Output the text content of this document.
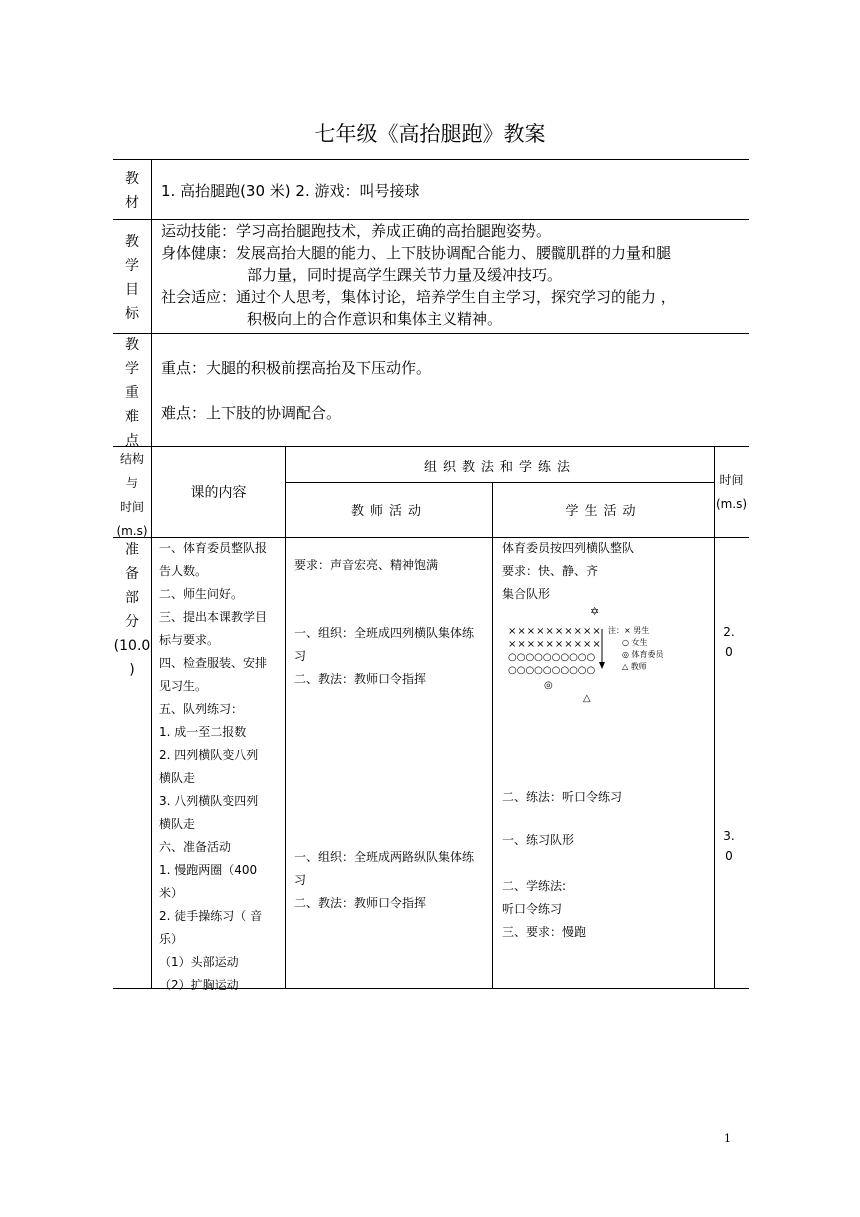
七年级《高抬腿跑》教案
教
材
1. 高抬腿跑(30 米) 2. 游戏：叫号接球
教
学
目
标
运动技能：学习高抬腿跑技术，养成正确的高抬腿跑姿势。
身体健康：发展高抬大腿的能力、上下肢协调配合能力、腰髋肌群的力量和腿
部力量，同时提高学生踝关节力量及缓冲技巧。
社会适应：通过个人思考，集体讨论，培养学生自主学习，探究学习的能力 ，
积极向上的合作意识和集体主义精神。
教
学
重
难
点
重点：大腿的积极前摆高抬及下压动作。
难点：上下肢的协调配合。
结构
与
时间
(m.s)
课的内容
组织教法和学练法
教师活动	学生活动
时间
(m.s)
准
备
部
分
(10.0
)
一、体育委员整队报
告人数。
二、师生问好。
三、提出本课教学目
标与要求。
四、检查服装、安排
见习生。
五、队列练习：
1. 成一至二报数
2. 四列横队变八列
横队走
3. 八列横队变四列
横队走
六、准备活动
1. 慢跑两圈（400
米）
2. 徒手操练习（ 音
乐）
（1）头部运动
（2）扩胸运动
要求：声音宏亮、精神饱满
一、组织：全班成四列横队集体练
习
二、教法：教师口令指挥
一、组织：全班成两路纵队集体练
习
二、教法：教师口令指挥
体育委员按四列横队整队
要求：快、静、齐
集合队形
✡
××××××××××
××××××××××
○○○○○○○○○○
○○○○○○○○○○
注：× 男生
○ 女生
◎ 体育委员
△ 教师
◎
△
二、练法：听口令练习
一、练习队形
二、学练法:
听口令练习
三、要求：慢跑
2.
0
3.
0
1
